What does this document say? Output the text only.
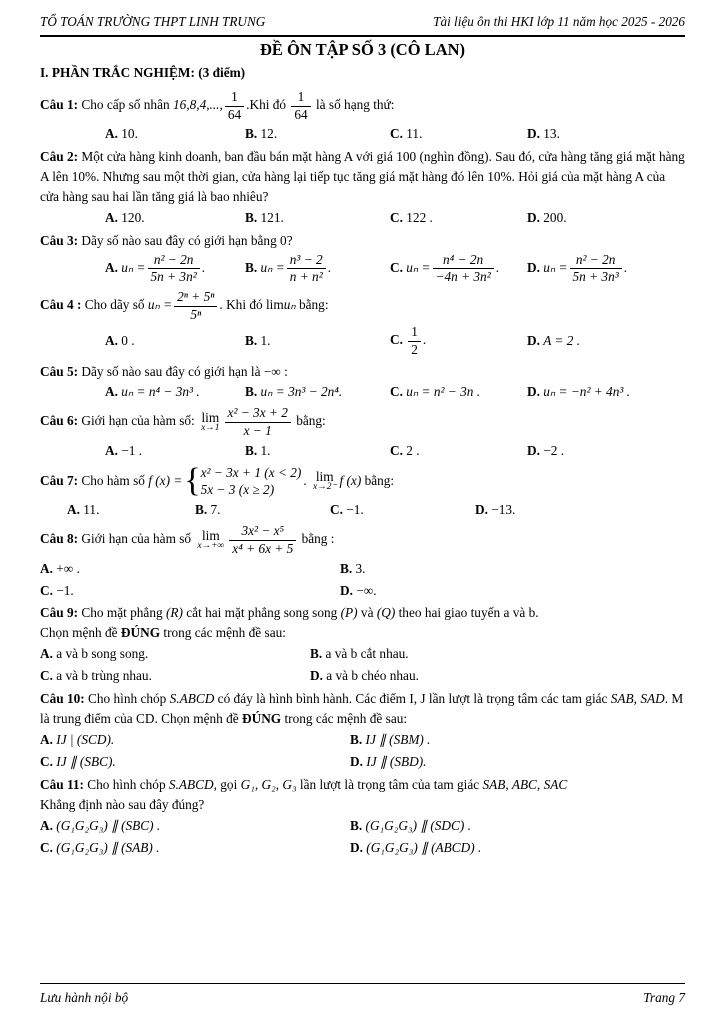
TỔ TOÁN TRƯỜNG THPT LINH TRUNG	Tài liệu ôn thi HKI lớp 11 năm học 2025 - 2026
ĐỀ ÔN TẬP SỐ 3 (CÔ LAN)
I. PHẦN TRẮC NGHIỆM: (3 điểm)

Câu 1: Cho cấp số nhân 16,8,4,..., $\frac{1}{64} .Khi$ đó $\frac{1}{64}$ là số hạng thứ:

A. 10.	B. 12.	C. 11.	D. 13.

Câu 2: Một cửa hàng kinh doanh, ban đầu bán mặt hàng A với giá 100 (nghìn đồng). Sau đó, cửa hàng tăng giá mặt hàng A lên 10%. Nhưng sau một thời gian, cửa hàng lại tiếp tục tăng giá mặt hàng đó lên 10%. Hỏi giá của mặt hàng A của cửa hàng sau hai lần tăng giá là bao nhiêu?

A. 120.	B. 121.	C. 122 .	D. 200.

Câu 3: Dãy số nào sau đây có giới hạn bằng 0?

A. $u_n = \frac{\text{n² − 2n}}{\text{5n + 3n²}}$ .	B. $u_n = \frac{\text{n³ − 2}}{\text{n + n²}}$ .	C. $u_n = \frac{\text{n⁴ − 2n}}{\text{−4n + 3n²}}$ .	D. $u_n = \frac{\text{n² − 2n}}{\text{5n + 3n³}}$ .

Câu 4 : Cho dãy số $u_n = \frac{\text{2ⁿ + 5ⁿ}}{\text{5ⁿ}}$ . Khi đó limuₙ bằng:

A. 0 .	B. 1.	C. $\frac{1}{2}$ .	D. A = 2 .

Câu 5: Dãy số nào sau đây có giới hạn là −∞ :

A. uₙ = n⁴ − 3n³ .	B. uₙ = 3n³ − 2n⁴.	C. uₙ = n² − 3n .	D. uₙ = −n² + 4n³ .

Câu 6: Giới hạn của hàm số: lim
$x\to 1 \frac{\text{x² − 3x + 2}}{x - 1}$ bằng:

A. −1 .	B. 1.	C. 2 .	D. −2 .

Câu 7: Cho hàm số f (x) = { x² − 3x + 1 (x < 2)
5x − 3 (x ≥ 2)
. lim
x→2⁻ f (x) bằng:

A. 11.	B. 7.	C. −1.	D. −13.

Câu 8: Giới hạn của hàm số lim
$x\to+\infty \frac{\text{3x² − x⁵}}{\text{x⁴ + 6x + 5}}$ bằng :

A. +∞ .	B. 3.
C. −1.	D. −∞.

Câu 9: Cho mặt phẳng (R) cắt hai mặt phẳng song song (P) và (Q) theo hai giao tuyến a và b.

Chọn mệnh đề ĐÚNG trong các mệnh đề sau:

A. a và b song song.	B. a và b cắt nhau.
C. a và b trùng nhau.	D. a và b chéo nhau.

Câu 10: Cho hình chóp S.ABCD có đáy là hình bình hành. Các điểm I, J lần lượt là trọng tâm các tam giác SAB, SAD. M là trung điểm của CD. Chọn mệnh đề ĐÚNG trong các mệnh đề sau:

A. IJ | (SCD).	B. IJ ∥ (SBM) .
C. IJ ∥ (SBC).	D. IJ ∥ (SBD).

Câu 11: Cho hình chóp S.ABCD, gọi G₁, G₂, G₃ lần lượt là trọng tâm của tam giác SAB, ABC, SAC

Khẳng định nào sau đây đúng?

A. (G₁G₂G₃) ∥ (SBC) .	B. (G₁G₂G₃) ∥ (SDC) .
C. (G₁G₂G₃) ∥ (SAB) .	D. (G₁G₂G₃) ∥ (ABCD) .
Lưu hành nội bộ	Trang 7
